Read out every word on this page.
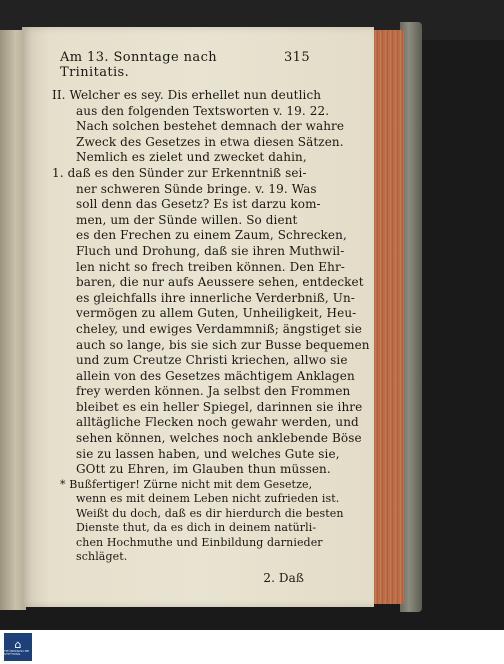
Am 13. Sonntage nach Trinitatis.
315
II. Welcher es sey. Dis erhellet nun deutlich
aus den folgenden Textsworten v. 19. 22.
Nach solchen bestehet demnach der wahre
Zweck des Gesetzes in etwa diesen Sätzen.
Nemlich es zielet und zwecket dahin,
1. daß es den Sünder zur Erkenntniß sei-
ner schweren Sünde bringe. v. 19. Was
soll denn das Gesetz? Es ist darzu kom-
men, um der Sünde willen. So dient
es den Frechen zu einem Zaum, Schrecken,
Fluch und Drohung, daß sie ihren Muthwil-
len nicht so frech treiben können. Den Ehr-
baren, die nur aufs Aeussere sehen, entdecket
es gleichfalls ihre innerliche Verderbniß, Un-
vermögen zu allem Guten, Unheiligkeit, Heu-
cheley, und ewiges Verdammniß; ängstiget sie
auch so lange, bis sie sich zur Busse bequemen
und zum Creutze Christi kriechen, allwo sie
allein von des Gesetzes mächtigem Anklagen
frey werden können. Ja selbst den Frommen
bleibet es ein heller Spiegel, darinnen sie ihre
alltägliche Flecken noch gewahr werden, und
sehen können, welches noch anklebende Böse
sie zu lassen haben, und welches Gute sie,
GOtt zu Ehren, im Glauben thun müssen.
* Bußfertiger! Zürne nicht mit dem Gesetze,
wenn es mit deinem Leben nicht zufrieden ist.
Weißt du doch, daß es dir hierdurch die besten
Dienste thut, da es dich in deinem natürli-
chen Hochmuthe und Einbildung darnieder
schläget.
2. Daß
⌂
THÜRINGISCHE STIFTUNG
